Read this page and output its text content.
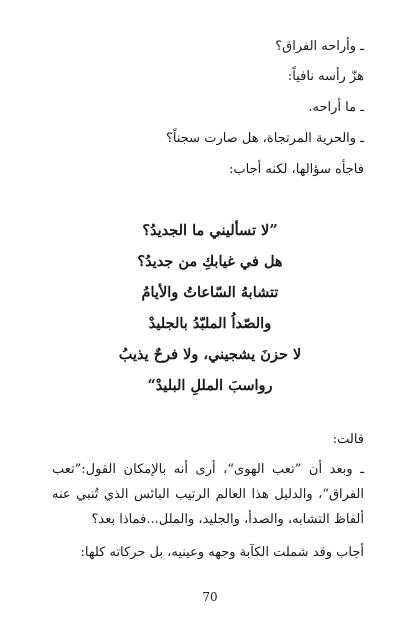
ـ وأراحه الفراق؟
هزّ رأسه نافياً:
ـ ما أراحه.
ـ والحرية المرتجاة، هل صارت سجناً؟
فاجأه سؤالها، لكنه أجاب:
”لا تسأليني ما الجديدُ؟
هل في غيابكِ من جديدُ؟
تتشابهُ السّاعاتُ والأيامُ
والصّداُ الملبّدُ بالجليدْ
لا حزنَ يشجيني، ولا فرحٌ يذيبُ
رواسبَ المللِ البليدْ“
قالت:
ـ وبعد أن ”تعب الهوى“، أرى أنه بالإمكان القول:”تعب الفراق“، والدليل هذا العالم الرتيب البائس الذي تُنبي عنه ألفاظ التشابه، والصدأ، والجليد، والملل...فماذا بعد؟
أجاب وقد شملت الكآبة وجهه وعينيه، بل حركاته كلها:
70
